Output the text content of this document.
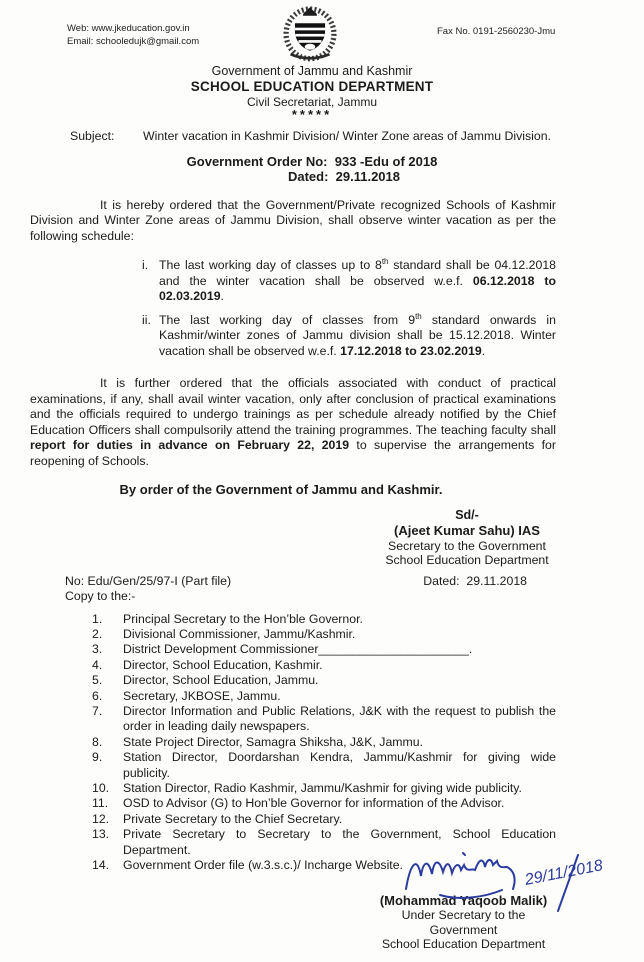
Web: www.jkeducation.gov.in
Email: schooledujk@gmail.com
Fax No. 0191-2560230-Jmu
Government of Jammu and Kashmir
SCHOOL EDUCATION DEPARTMENT
Civil Secretariat, Jammu
*****
Subject:	Winter vacation in Kashmir Division/ Winter Zone areas of Jammu Division.
Government Order No:  933 -Edu of 2018
Dated:  29.11.2018
It is hereby ordered that the Government/Private recognized Schools of Kashmir Division and Winter Zone areas of Jammu Division, shall observe winter vacation as per the following schedule:
i. The last working day of classes up to 8th standard shall be 04.12.2018 and the winter vacation shall be observed w.e.f. 06.12.2018 to 02.03.2019.
ii. The last working day of classes from 9th standard onwards in Kashmir/winter zones of Jammu division shall be 15.12.2018. Winter vacation shall be observed w.e.f. 17.12.2018 to 23.02.2019.
It is further ordered that the officials associated with conduct of practical examinations, if any, shall avail winter vacation, only after conclusion of practical examinations and the officials required to undergo trainings as per schedule already notified by the Chief Education Officers shall compulsorily attend the training programmes. The teaching faculty shall report for duties in advance on February 22, 2019 to supervise the arrangements for reopening of Schools.
By order of the Government of Jammu and Kashmir.
Sd/-
(Ajeet Kumar Sahu) IAS
Secretary to the Government
School Education Department
No: Edu/Gen/25/97-I (Part file)	Dated:  29.11.2018
Copy to the:-
1.	Principal Secretary to the Hon’ble Governor.
2.	Divisional Commissioner, Jammu/Kashmir.
3.	District Development Commissioner______________________.
4.	Director, School Education, Kashmir.
5.	Director, School Education, Jammu.
6.	Secretary, JKBOSE, Jammu.
7.	Director Information and Public Relations, J&K with the request to publish the order in leading daily newspapers.
8.	State Project Director, Samagra Shiksha, J&K, Jammu.
9.	Station Director, Doordarshan Kendra, Jammu/Kashmir for giving wide publicity.
10.	Station Director, Radio Kashmir, Jammu/Kashmir for giving wide publicity.
11.	OSD to Advisor (G) to Hon’ble Governor for information of the Advisor.
12.	Private Secretary to the Chief Secretary.
13.	Private Secretary to Secretary to the Government, School Education Department.
14.	Government Order file (w.3.s.c.)/ Incharge Website.	29/11/2018
(Mohammad Yaqoob Malik)
Under Secretary to the Government
School Education Department
